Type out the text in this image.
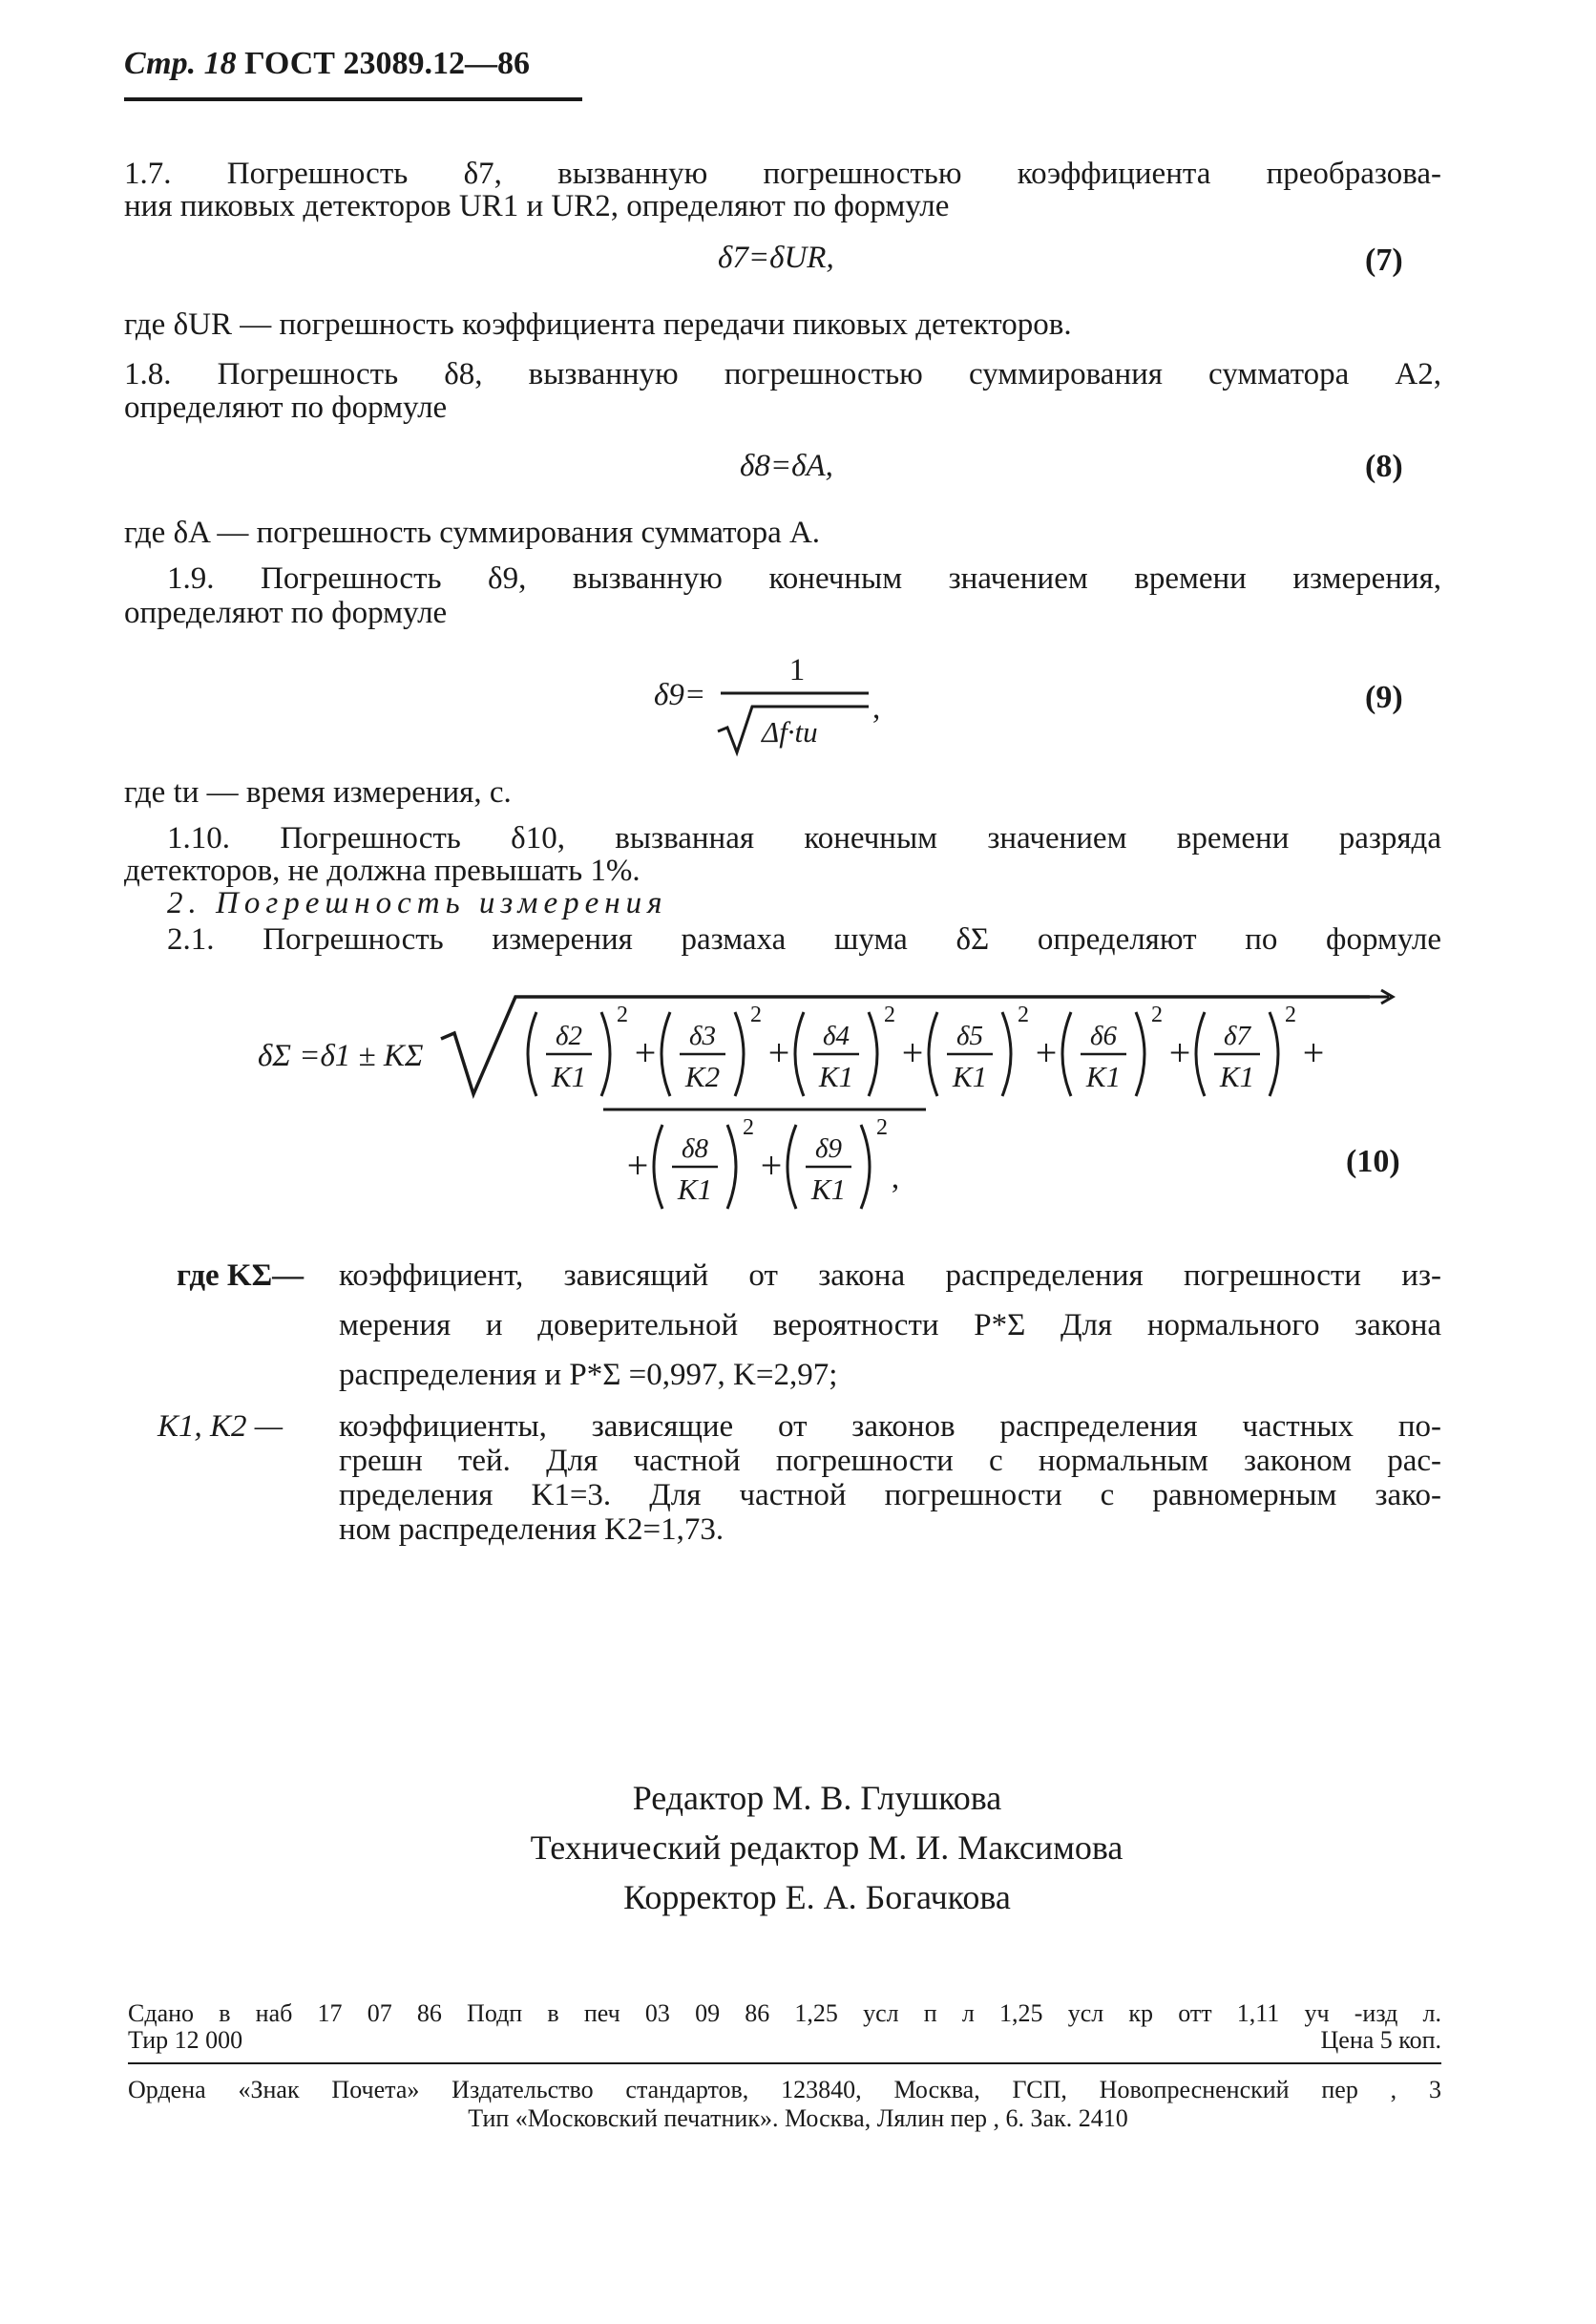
Стр. 18 ГОСТ 23089.12—86
1.7. Погрешность δ7, вызванную погрешностью коэффициента преобразова-
ния пиковых детекторов UR1 и UR2, определяют по формуле
δ7=δUR,	(7)
где δUR — погрешность коэффициента передачи пиковых детекторов.
1.8. Погрешность δ8, вызванную погрешностью суммирования сумматора A2,
определяют по формуле
δ8=δA,	(8)
где δA — погрешность суммирования сумматора A.
1.9. Погрешность δ9, вызванную конечным значением времени измерения,
определяют по формуле
δ9=
1
Δf·tи
,	(9)
где tи — время измерения, с.
1.10. Погрешность δ10, вызванная конечным значением времени разряда
детекторов, не должна превышать 1%.
2. Погрешность измерения
2.1. Погрешность измерения размаха шума δΣ определяют по формуле
δΣ =δ1 ± KΣ
δ2
K1
2
+ δ3
K2
2
+ δ4
K1
2
+ δ5
K1
2
+ δ6
K1
2
+ δ7
K1
2
+
+ δ8
K1
2
+ δ9
K1
2
,	(10)
где KΣ— коэффициент, зависящий от закона распределения погрешности из-
мерения и доверительной вероятности P*Σ Для нормального закона
распределения и P*Σ =0,997, K=2,97;
K1, K2 — коэффициенты, зависящие от законов распределения частных по-
грешн тей. Для частной погрешности с нормальным законом рас-
пределения K1=3. Для частной погрешности с равномерным зако-
ном распределения K2=1,73.
Редактор М. В. Глушкова
Технический редактор М. И. Максимова
Корректор Е. А. Богачкова
Сдано в наб 17 07 86 Подп в печ 03 09 86 1,25 усл п л 1,25 усл кр отт 1,11 уч -изд л.
Тир 12 000	Цена 5 коп.
Ордена «Знак Почета» Издательство стандартов, 123840, Москва, ГСП, Новопресненский пер , 3
Тип «Московский печатник». Москва, Лялин пер , 6. Зак. 2410
